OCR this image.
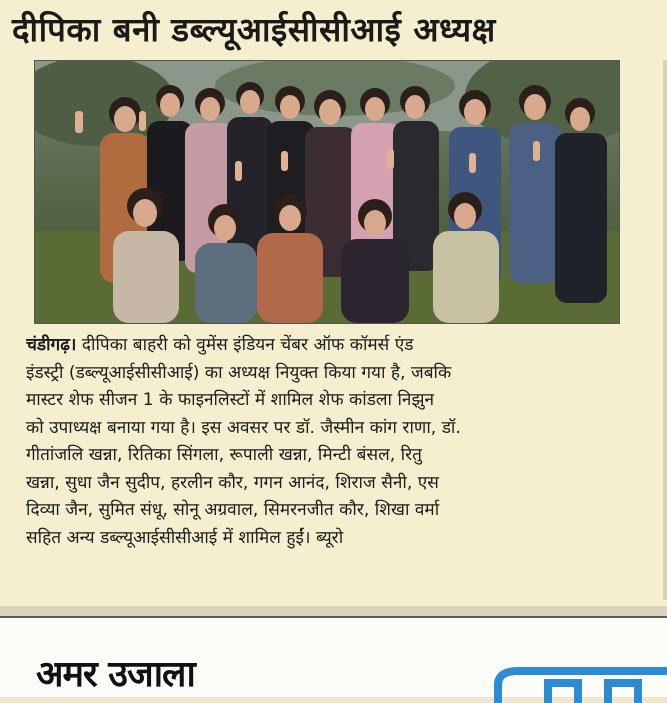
दीपिका बनी डब्ल्यूआईसीसीआई अध्यक्ष
चंडीगढ़। दीपिका बाहरी को वुमेंस इंडियन चेंबर ऑफ कॉमर्स एंड
इंडस्ट्री (डब्ल्यूआईसीसीआई) का अध्यक्ष नियुक्त किया गया है, जबकि
मास्टर शेफ सीजन 1 के फाइनलिस्टों में शामिल शेफ कांडला निझुन
को उपाध्यक्ष बनाया गया है। इस अवसर पर डॉ. जैस्मीन कांग राणा, डॉ.
गीतांजलि खन्ना, रितिका सिंगला, रूपाली खन्ना, मिन्टी बंसल, रितु
खन्ना, सुधा जैन सुदीप, हरलीन कौर, गगन आनंद, शिराज सैनी, एस
दिव्या जैन, सुमित संधू, सोनू अग्रवाल, सिमरनजीत कौर, शिखा वर्मा
सहित अन्य डब्ल्यूआईसीसीआई में शामिल हुईं। ब्यूरो
अमर उजाला
